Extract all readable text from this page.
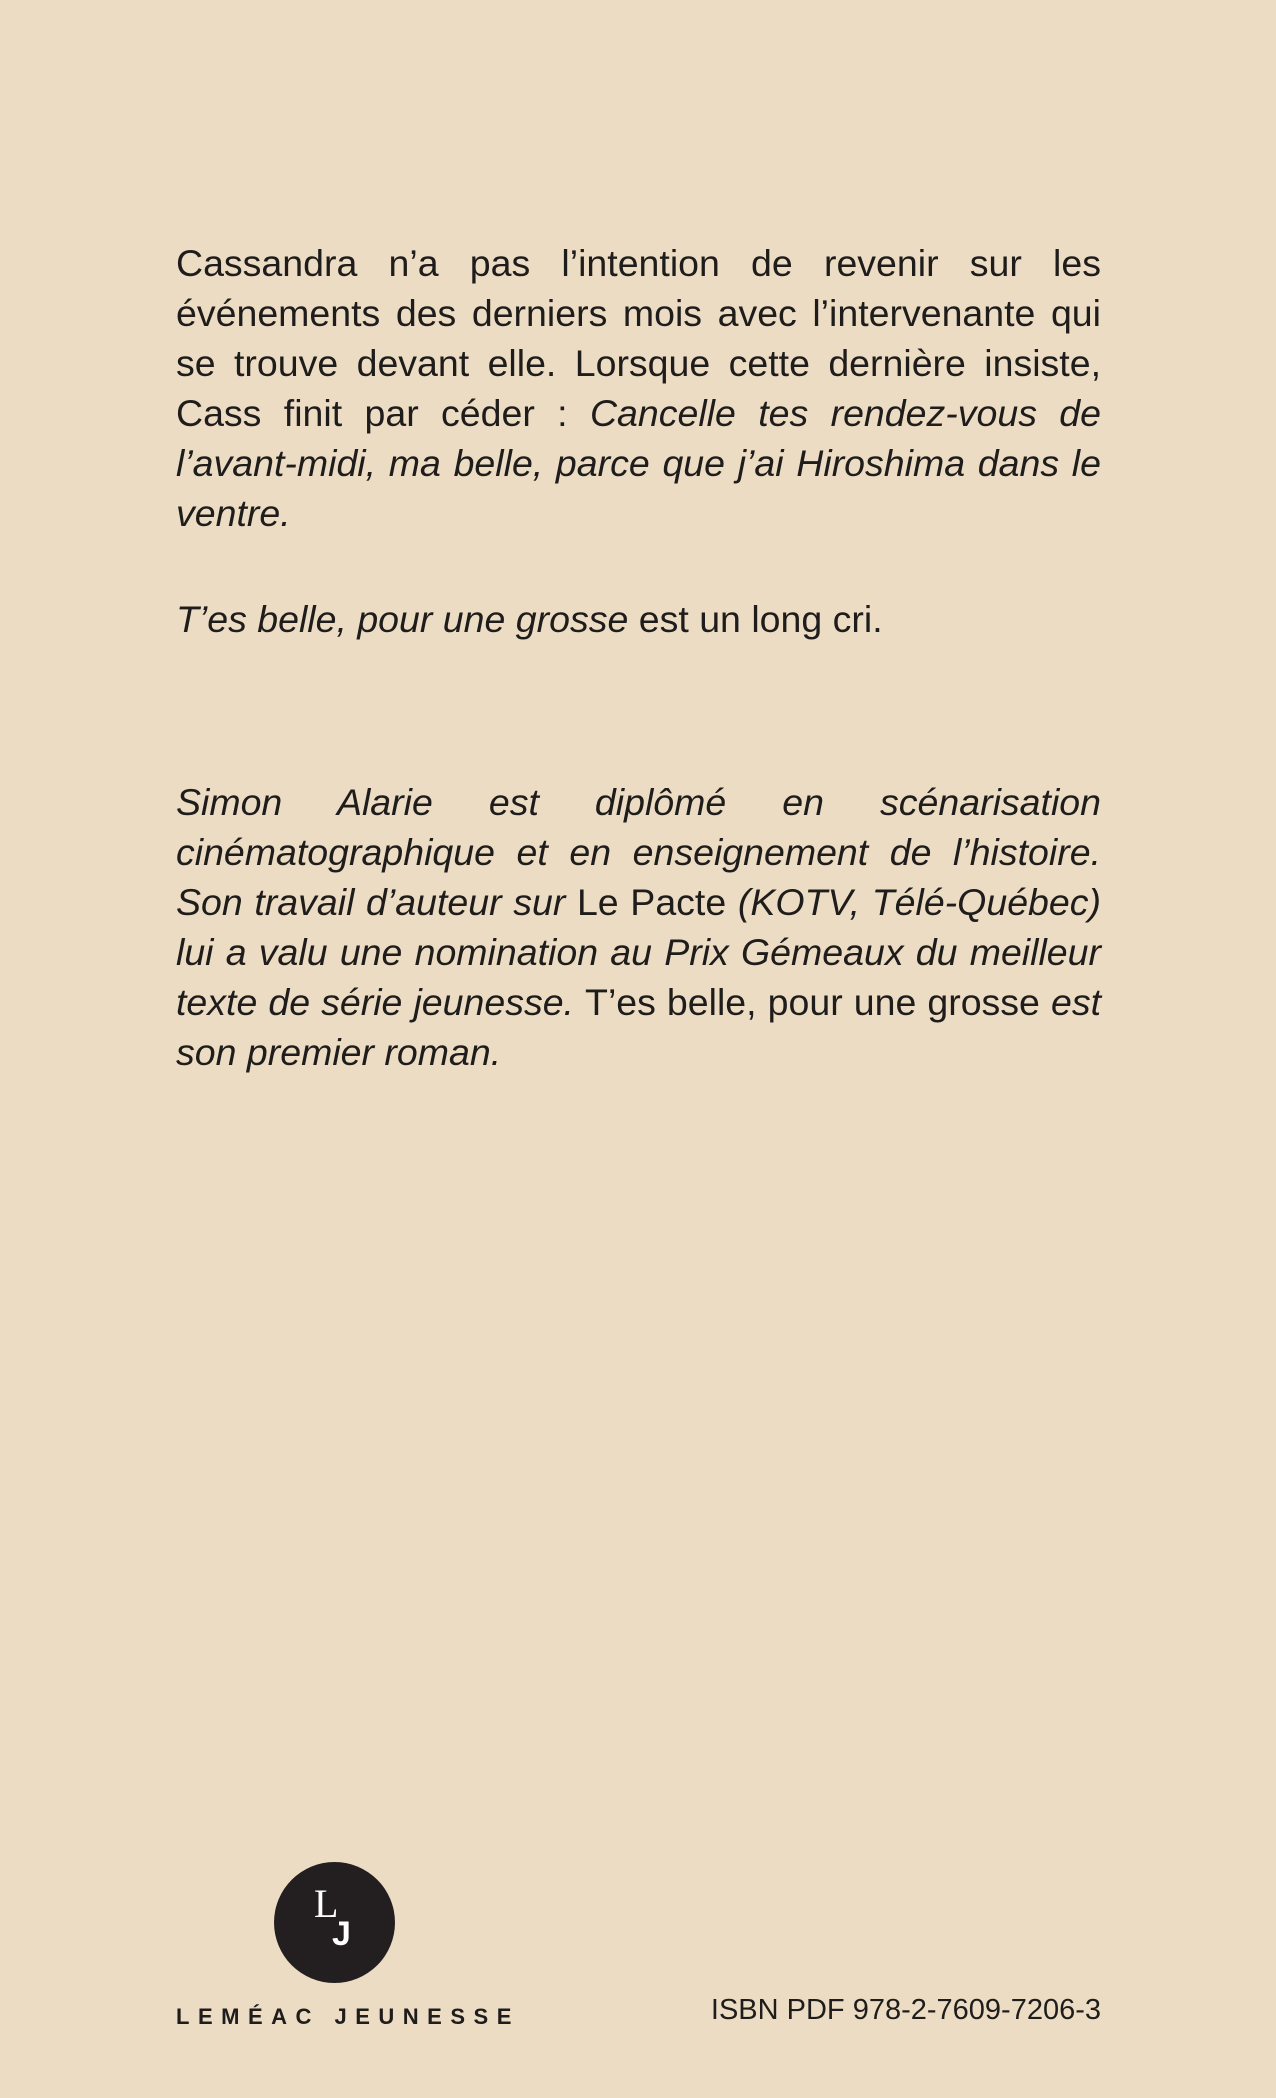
Cassandra n’a pas l’intention de revenir sur les événements des derniers mois avec l’intervenante qui se trouve devant elle. Lorsque cette dernière insiste, Cass finit par céder : Cancelle tes rendez-vous de l’avant-midi, ma belle, parce que j’ai Hiroshima dans le ventre.

T’es belle, pour une grosse est un long cri.

Simon Alarie est diplômé en scénarisation cinématographique et en enseignement de l’histoire. Son travail d’auteur sur Le Pacte (KOTV, Télé-Québec) lui a valu une nomination au Prix Gémeaux du meilleur texte de série jeunesse. T’es belle, pour une grosse est son premier roman.

L
J
LEMÉAC JEUNESSE	ISBN PDF 978-2-7609-7206-3
